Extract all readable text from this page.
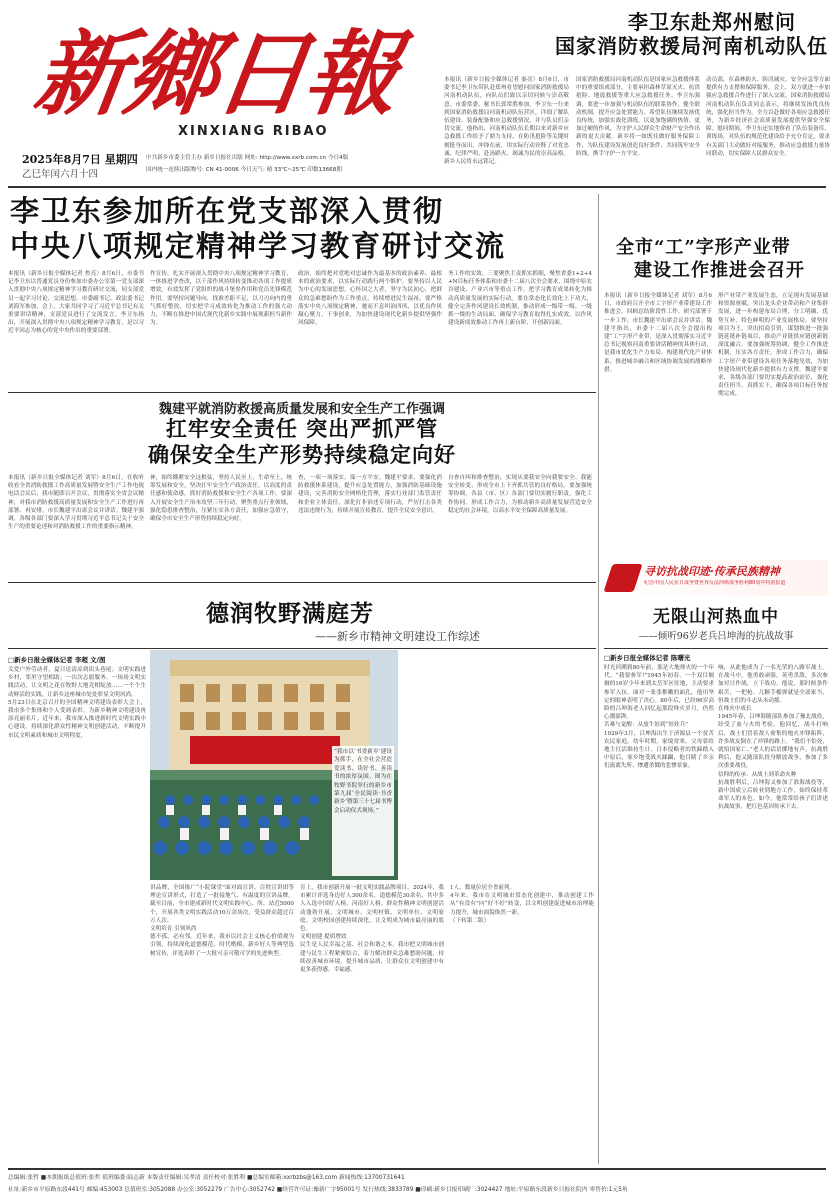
新鄉日報
XINXIANG RIBAO
2025年8月7日 星期四
乙巳年闰六月十四
中共新乡市委主管主办 新乡日报社出版 网址: http://www.xxrb.com.cn 今日4版
国内统一连续出版物号: CN 41-0006 今日天气: 晴 33℃~25℃ 印数13668期
李卫东赴郑州慰问
国家消防救援局河南机动队伍
本报讯（新乡日报全媒体记者 秦亮）8月6日，市委书记李卫东带队赴郑州看望慰问国家消防救援局河南机动队伍，向队员们致以亲切问候与崇高敬意。市委常委、秘书长郭常胜参加。李卫东一行来到国家消防救援局河南机动队伍营区，详细了解队伍建设、装备配备和应急救援情况，并与队员们亲切交流。他指出，河南机动队伍长期以来对新乡应急救援工作给予了鼎力支持，在防汛抢险等关键时刻挺身而出、冲锋在前，用实际行动诠释了对党忠诚、纪律严明、赴汤蹈火、竭诚为民的崇高品格。新乡人民将永远铭记。
国家消防救援局河南机动队伍是国家应急救援体系中的重要组成部分，主要承担森林草原灭火、抗洪抢险、地震救援等重大应急救援任务。李卫东强调，要进一步加强与机动队伍的联系协作，健全联动机制，提升应急处置能力。希望队伍继续发扬优良传统，加强实战化训练，以更加饱满的热情、更加过硬的作风，为守护人民群众生命财产安全作出新的更大贡献。新乡将一如既往做好服务保障工作，为队伍建设发展创造良好条件，共同筑牢安全防线，携手守护一方平安。
动员部，在森林防火、防汛减灾、安全应急等方面提供有力支撑和保障服务。会上，双方就进一步加强应急救援合作进行了深入交流。国家消防救援局河南机动队伍负责同志表示，将继续发扬优良传统，强化担当作为，全力以赴做好各项应急救援任务，为新乡经济社会高质量发展提供坚强安全保障。慰问期间，李卫东还实地察看了队伍装备库、训练场，对队伍的规范化建设给予充分肯定，要求有关部门主动做好对接服务，推动应急救援力量协同联动，切实保障人民群众安全。
李卫东参加所在党支部深入贯彻
中央八项规定精神学习教育研讨交流
本报讯（新乡日报全媒体记者 焦亮）8月6日，市委书记李卫东以普通党员身份参加市委办公室第一党支部深入贯彻中央八项规定精神学习教育研讨交流，同支部党员一起学习讨论、交流思想。市委副书记、政法委书记刘海军参加。会上，大家共同学习了习近平总书记有关重要讲话精神，支部党员进行了交流发言。李卫东指出，开展深入贯彻中央八项规定精神学习教育，是以习近平同志为核心的党中央作出的重要部署。
作宣传，扎实开展深入贯彻中央八项规定精神学习教育，一体推进学查改，以干部作风持续转变推动各项工作提质增效。有效发挥了党组织的战斗堡垒作用和党员先锋模范作用。要坚持问题导向，找准差距不足，以刀刃向内的勇气抓好整改，切实把学习成效转化为推动工作的强大动力，不断在推进中国式现代化新乡实践中展现新担当新作为。
政治，始终把对党绝对忠诚作为最基本的政治素养、最根本的政治要求，以实际行动践行两个维护。要坚持以人民为中心的发展思想，心怀国之大者，坚守为民初心，把群众的急难愁盼作为工作重点，持续增进民生福祉。要严格落实中央八项规定精神，驰而不息纠治四风，以优良作风凝心聚力、干事创业，为加快建设现代化新乡提供坚强作风保障。
务工作的实效。三要聚焦主责抓实抓细，聚焦省委1+2+4+N目标任务体系和市委十二届八次全会要求，围绕中原农谷建设、产业兴市等重点工作，把学习教育成果转化为推动高质量发展的实际行动。要在常态化长效化上下功夫，健全完善作风建设长效机制，推动形成一级带一级、一级抓一级的生动局面，确保学习教育取得扎实成效，以作风建设新成效推动工作再上新台阶、开创新局面。
魏建平就消防救援高质量发展和安全生产工作强调
扛牢安全责任 突出严抓严管
确保安全生产形势持续稳定向好
本报讯（新乡日报全媒体记者 刘军）8月6日，在收听收看全省消防救援工作高质量发展暨安全生产工作电视电话会议后，我市随即召开会议，贯彻落实全省会议精神，对我市消防救援高质量发展和安全生产工作进行再部署、再安排。市长魏建平出席会议并讲话。魏建平强调，各级各部门要深入学习贯彻习近平总书记关于安全生产的重要论述和对消防救援工作的重要指示精神。
神，始终绷紧安全这根弦，坚持人民至上、生命至上，统筹发展和安全，坚决扛牢安全生产政治责任，以高度的责任感和使命感，抓好消防救援和安全生产各项工作。要深入开展安全生产治本攻坚三年行动，聚焦重点行业领域，强化隐患排查整治，压紧压实各方责任，加强应急值守，确保全市安全生产形势持续稳定向好。
查，一项一项落实，保一方平安。魏建平要求，要强化消防救援体系建设，提升应急处置能力，加强消防基础设施建设，完善消防安全网格化管理，落实行业部门监管责任和企业主体责任，深化打非治违专项行动，严厉打击各类违法违规行为，持续开展宣传教育，提升全民安全意识。
自查自纠和排查整治，实现从要我安全向我要安全、我能安全转变，形成全市上下齐抓共管的良好格局。要加强统筹协调，各县（市、区）各部门要切实履行职责，强化工作协同，形成工作合力，为推动新乡高质量发展营造安全稳定的社会环境，以高水平安全保障高质量发展。
全市“工”字形产业带
建设工作推进会召开
本报讯（新乡日报全媒体记者 刘军）8月6日，市政府召开全市工字形产业带建设工作推进会，回顾总结阶段性工作，研究部署下一步工作。市长魏建平出席会议并讲话。魏建平指出，市委十二届八次全会提出构建“工”字形产业带，是深入贯彻落实习近平总书记视察河南重要讲话精神的具体行动，是我市优化生产力布局、构建现代化产业体系、推进城乡融合和区域协调发展的战略举措。
形产业带产业发展生态，立足现有发展基础和资源禀赋，突出龙头企业带动和产业集群发展，进一步构建布局合理、分工明确、优势互补、特色鲜明的产业发展格局。要坚持项目为王，突出招商引资，谋划推进一批强链延链补链项目，推动产业链供应链创新链深度融合。要加强统筹协调，健全工作推进机制，压实各方责任，形成工作合力，确保工字形产业带建设各项任务落地见效，为加快建设现代化新乡提供有力支撑。魏建平要求，各级各部门要切实提高政治站位，强化责任担当，真抓实干，确保各项目标任务按期完成。
寻访抗战印迹·传承民族精神
纪念中国人民抗日战争暨世界反法西斯战争胜利80周年特别报道
无限山河热血中
——倾听96岁老兵吕坤海的抗战故事
□新乡日报全媒体记者 陈曙光
时光回溯到80年前，那是大地烽火的一个年代。“我要参军!”1945年初春，一个双目炯炯的16岁少年来到太岳军区驻地，主动要求参军入伍。面对一张张稚嫩的面孔，他用坚定的眼神表明了决心。80年后，已经96岁高龄的吕坤海老人回忆起那段烽火岁月，仍然心潮澎湃。
苦难与觉醒：从放牛娃到“娃娃兵”
1929年3月，吕坤海出生于济源县一个贫苦农民家庭。幼年时期，家境贫寒，父母靠给地主扛活维持生计。日本侵略者的铁蹄踏入中原后，家乡饱受战火蹂躏，他目睹了乡亲们流离失所、惨遭杀戮的悲惨景象。
响，从此他成为了一名光荣的八路军战士。在战斗中，他勇敢顽强，英勇杀敌，多次参加对日作战，立下战功。他说，那时候条件艰苦，一把枪、几颗手榴弹就是全部家当，但战士们的斗志从未动摇。
在烽火中成长
1945年春，吕坤海随部队参加了豫北战役，经受了血与火的考验。他回忆，战斗打响后，战士们冒着敌人密集的炮火冲锋陷阵，许多战友倒在了冲锋的路上。“我们不怕死，就怕国家亡。”老人的话语掷地有声。抗战胜利后，他又随部队投身解放战争，参加了多次重要战役。
信仰的传承：从战士到革命火种
抗战胜利后，吕坤海又参加了淮海战役等，新中国成立后转业到地方工作，始终保持革命军人的本色。如今，他常常给孩子们讲述抗战故事，把红色基因传承下去。
德润牧野满庭芳
——新乡市精神文明建设工作综述
□新乡日报全媒体记者 李超 文/图
“我市以‘书香新乡’建设为抓手，在全社会营造爱读书、读好书、善读书的浓厚氛围。图为在牧野书院举行的新乡市第九届‘全民阅读·书香新乡’暨第三十七届书博会启动仪式现场。”
关爱户外劳动者，夏日送清凉到街头巷尾；文明实践进乡村，邻里守望相助；一次次志愿服务、一场场文明实践活动，让文明之花在牧野大地竞相绽放……一个个生动鲜活的实践，让新乡这座城市处处彰显文明风尚。
5月23日在北京召开的全国精神文明建设表彰大会上，我市多个集体和个人受到表彰，为新乡精神文明建设再添亮丽名片。近年来，我市深入推进新时代文明实践中心建设，持续深化群众性精神文明创建活动，不断提升市民文明素质和城市文明程度。
讲品牌，全国推广“小院课堂”面对面宣讲、百姓宣讲团等理论宣讲形式，打造了一批接地气、有温度的宣讲品牌。截至目前，全市建成新时代文明实践中心、所、站近5000个，开展各类文明实践活动10万余场次，受益群众超过百万人次。
文明培育 引领风尚
德不孤，必有邻。近年来，我市以社会主义核心价值观为引领，持续深化道德模范、时代楷模、新乡好人等典型选树宣传，评选表彰了一大批可亲可敬可学的先进典型。
育上，我市创新开展一批文明实践品牌项目。2024年，我市累计评选身边好人300余名，道德模范30余名，其中多人入选中国好人榜、河南好人榜。群众性精神文明创建活动蓬勃开展，文明城市、文明村镇、文明单位、文明家庭、文明校园创建持续深化，让文明成为城市最亮丽的底色。
文明创建 提质增效
民生是人民幸福之基、社会和谐之本。我市把文明城市创建与民生工程紧密结合，着力解决群众急难愁盼问题，持续改善城市环境，提升城市品质，让群众在文明创建中有更多获得感、幸福感。
1人、数量位居全省前列。
4年来，我市在文明城市常态化创建中，推动创建工作从“有没有”向“好不好”转变，以文明创建促进城市治理能力提升，城市面貌焕然一新。
（下转第二版）
总编辑:张哲 ■本期报纸总值班:张哲 值班编委:陆志新 本版责任编辑:吴孝清 责任校对:张胜利 ■总编室邮箱:xxrbzbs@163.com 新闻热线:13700731641
社址:新乡市平原路东段441号 邮编:453003 总值班室:3052088 办公室:3052279 广告中心:3052742 ■经营许可证:豫新广字95001号 发行热线:3833789 ■印刷:新乡日报印刷厂:3024427 地址:平原路东段新乡日报社院内 零售价:1元5角
